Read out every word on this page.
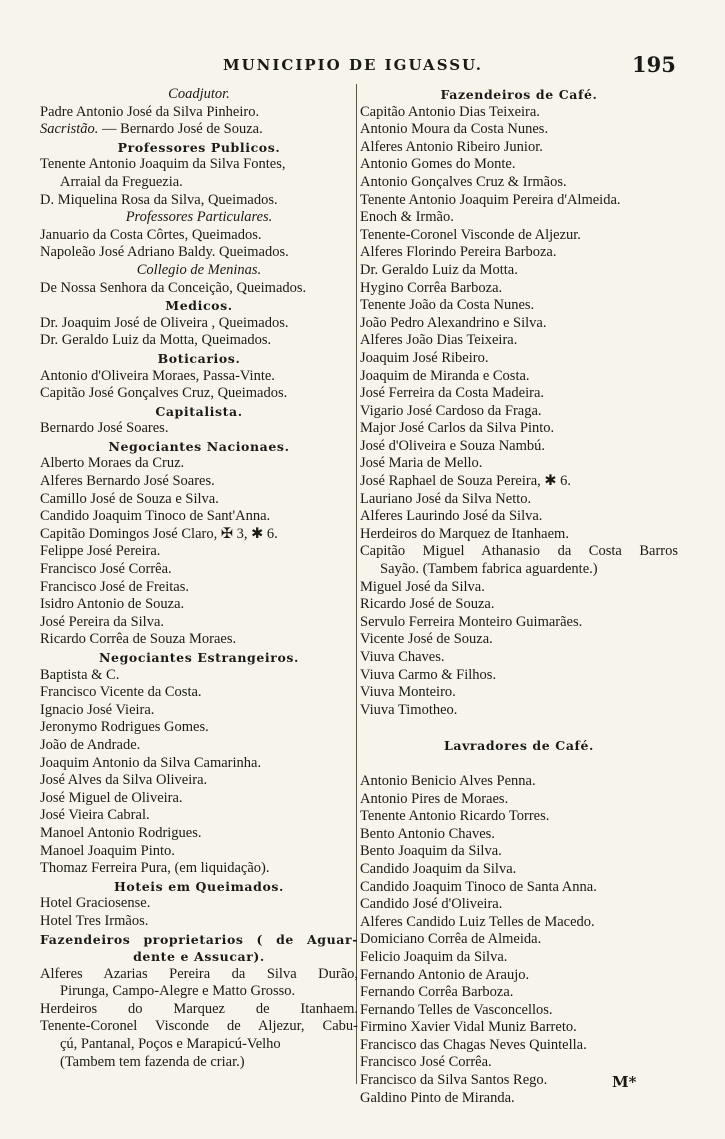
MUNICIPIO DE IGUASSU.	195
Coadjutor.
Padre Antonio José da Silva Pinheiro.
Sacristão. — Bernardo José de Souza.
Professores Publicos.
Tenente Antonio Joaquim da Silva Fontes,
Arraial da Freguezia.
D. Miquelina Rosa da Silva, Queimados.
Professores Particulares.
Januario da Costa Côrtes, Queimados.
Napoleão José Adriano Baldy. Queimados.
Collegio de Meninas.
De Nossa Senhora da Conceição, Queimados.
Medicos.
Dr. Joaquim José de Oliveira , Queimados.
Dr. Geraldo Luiz da Motta, Queimados.
Boticarios.
Antonio d'Oliveira Moraes, Passa-Vinte.
Capitão José Gonçalves Cruz, Queimados.
Capitalista.
Bernardo José Soares.
Negociantes Nacionaes.
Alberto Moraes da Cruz.
Alferes Bernardo José Soares.
Camillo José de Souza e Silva.
Candido Joaquim Tinoco de Sant'Anna.
Capitão Domingos José Claro, ✠ 3, ✱ 6.
Felippe José Pereira.
Francisco José Corrêa.
Francisco José de Freitas.
Isidro Antonio de Souza.
José Pereira da Silva.
Ricardo Corrêa de Souza Moraes.
Negociantes Estrangeiros.
Baptista & C.
Francisco Vicente da Costa.
Ignacio José Vieira.
Jeronymo Rodrigues Gomes.
João de Andrade.
Joaquim Antonio da Silva Camarinha.
José Alves da Silva Oliveira.
José Miguel de Oliveira.
José Vieira Cabral.
Manoel Antonio Rodrigues.
Manoel Joaquim Pinto.
Thomaz Ferreira Pura, (em liquidação).
Hoteis em Queimados.
Hotel Graciosense.
Hotel Tres Irmãos.
Fazendeiros proprietarios ( de Aguar-
dente e Assucar).
Alferes Azarias Pereira da Silva Durão,
Pirunga, Campo-Alegre e Matto Grosso.
Herdeiros do Marquez de Itanhaem.
Tenente-Coronel Visconde de Aljezur, Cabu-
çú, Pantanal, Poços e Marapicú-Velho
(Tambem tem fazenda de criar.)
Fazendeiros de Café.
Capitão Antonio Dias Teixeira.
Antonio Moura da Costa Nunes.
Alferes Antonio Ribeiro Junior.
Antonio Gomes do Monte.
Antonio Gonçalves Cruz & Irmãos.
Tenente Antonio Joaquim Pereira d'Almeida.
Enoch & Irmão.
Tenente-Coronel Visconde de Aljezur.
Alferes Florindo Pereira Barboza.
Dr. Geraldo Luiz da Motta.
Hygino Corrêa Barboza.
Tenente João da Costa Nunes.
João Pedro Alexandrino e Silva.
Alferes João Dias Teixeira.
Joaquim José Ribeiro.
Joaquim de Miranda e Costa.
José Ferreira da Costa Madeira.
Vigario José Cardoso da Fraga.
Major José Carlos da Silva Pinto.
José d'Oliveira e Souza Nambú.
José Maria de Mello.
José Raphael de Souza Pereira, ✱ 6.
Lauriano José da Silva Netto.
Alferes Laurindo José da Silva.
Herdeiros do Marquez de Itanhaem.
Capitão Miguel Athanasio da Costa Barros
Sayão. (Tambem fabrica aguardente.)
Miguel José da Silva.
Ricardo José de Souza.
Servulo Ferreira Monteiro Guimarães.
Vicente José de Souza.
Viuva Chaves.
Viuva Carmo & Filhos.
Viuva Monteiro.
Viuva Timotheo.
Lavradores de Café.
Antonio Benicio Alves Penna.
Antonio Pires de Moraes.
Tenente Antonio Ricardo Torres.
Bento Antonio Chaves.
Bento Joaquim da Silva.
Candido Joaquim da Silva.
Candido Joaquim Tinoco de Santa Anna.
Candido José d'Oliveira.
Alferes Candido Luiz Telles de Macedo.
Domiciano Corrêa de Almeida.
Felicio Joaquim da Silva.
Fernando Antonio de Araujo.
Fernando Corrêa Barboza.
Fernando Telles de Vasconcellos.
Firmino Xavier Vidal Muniz Barreto.
Francisco das Chagas Neves Quintella.
Francisco José Corrêa.
Francisco da Silva Santos Rego.
Galdino Pinto de Miranda.
M*
